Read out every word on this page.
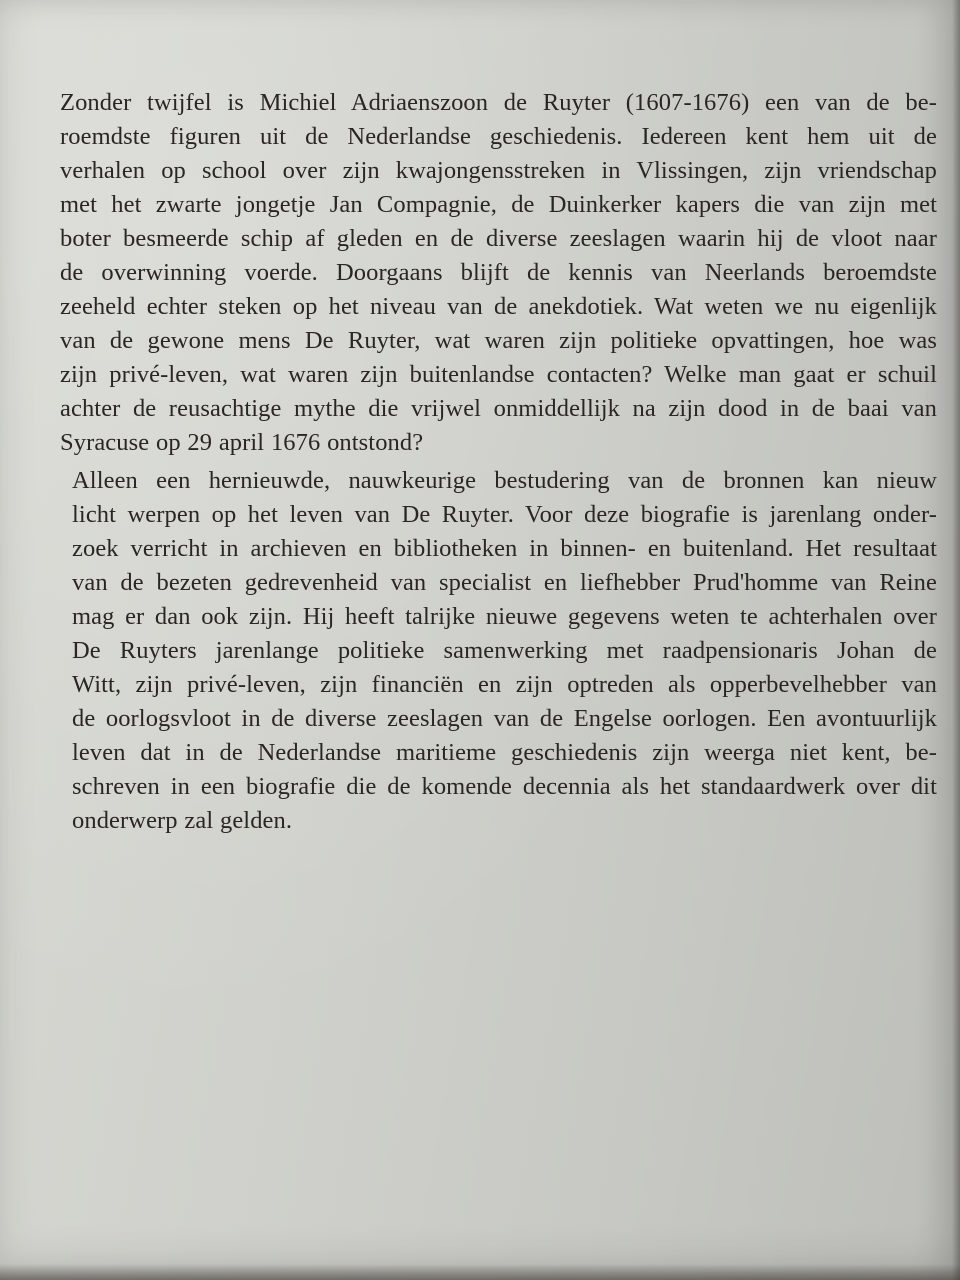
Zonder twijfel is Michiel Adriaenszoon de Ruyter (1607-1676) een van de be-
roemdste figuren uit de Nederlandse geschiedenis. Iedereen kent hem uit de
verhalen op school over zijn kwajongensstreken in Vlissingen, zijn vriendschap
met het zwarte jongetje Jan Compagnie, de Duinkerker kapers die van zijn met
boter besmeerde schip af gleden en de diverse zeeslagen waarin hij de vloot naar
de overwinning voerde. Doorgaans blijft de kennis van Neerlands beroemdste
zeeheld echter steken op het niveau van de anekdotiek. Wat weten we nu eigenlijk
van de gewone mens De Ruyter, wat waren zijn politieke opvattingen, hoe was
zijn privé-leven, wat waren zijn buitenlandse contacten? Welke man gaat er schuil
achter de reusachtige mythe die vrijwel onmiddellijk na zijn dood in de baai van
Syracuse op 29 april 1676 ontstond?

Alleen een hernieuwde, nauwkeurige bestudering van de bronnen kan nieuw
licht werpen op het leven van De Ruyter. Voor deze biografie is jarenlang onder-
zoek verricht in archieven en bibliotheken in binnen- en buitenland. Het resultaat
van de bezeten gedrevenheid van specialist en liefhebber Prud'homme van Reine
mag er dan ook zijn. Hij heeft talrijke nieuwe gegevens weten te achterhalen over
De Ruyters jarenlange politieke samenwerking met raadpensionaris Johan de
Witt, zijn privé-leven, zijn financiën en zijn optreden als opperbevelhebber van
de oorlogsvloot in de diverse zeeslagen van de Engelse oorlogen. Een avontuurlijk
leven dat in de Nederlandse maritieme geschiedenis zijn weerga niet kent, be-
schreven in een biografie die de komende decennia als het standaardwerk over dit
onderwerp zal gelden.
